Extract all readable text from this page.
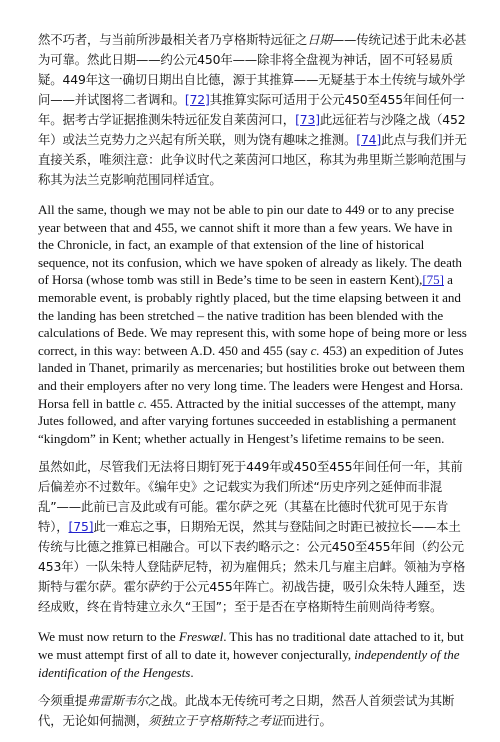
然不巧者，与当前所涉最相关者乃亨格斯特远征之日期——传统记述于此未必甚为可靠。然此日期——约公元450年——除非将全盘视为神话，固不可轻易质疑。449年这一确切日期出自比德，源于其推算——无疑基于本土传统与域外学问——并试图将二者调和。[72]其推算实际可适用于公元450至455年间任何一年。据考古学证据推测朱特远征发自莱茵河口，[73]此远征若与沙隆之战（452年）或法兰克势力之兴起有所关联，则为饶有趣味之推测。[74]此点与我们并无直接关系，唯须注意：此争议时代之莱茵河口地区，称其为弗里斯兰影响范围与称其为法兰克影响范围同样适宜。

All the same, though we may not be able to pin our date to 449 or to any precise year between that and 455, we cannot shift it more than a few years. We have in the Chronicle, in fact, an example of that extension of the line of historical sequence, not its confusion, which we have spoken of already as likely. The death of Horsa (whose tomb was still in Bede’s time to be seen in eastern Kent),[75] a memorable event, is probably rightly placed, but the time elapsing between it and the landing has been stretched – the native tradition has been blended with the calculations of Bede. We may represent this, with some hope of being more or less correct, in this way: between A.D. 450 and 455 (say c. 453) an expedition of Jutes landed in Thanet, primarily as mercenaries; but hostilities broke out between them and their employers after no very long time. The leaders were Hengest and Horsa. Horsa fell in battle c. 455. Attracted by the initial successes of the attempt, many Jutes followed, and after varying fortunes succeeded in establishing a permanent “kingdom” in Kent; whether actually in Hengest’s lifetime remains to be seen.

虽然如此，尽管我们无法将日期钉死于449年或450至455年间任何一年，其前后偏差亦不过数年。《编年史》之记载实为我们所述“历史序列之延伸而非混乱”——此前已言及此或有可能。霍尔萨之死（其墓在比德时代犹可见于东肯特），[75]此一难忘之事，日期殆无误，然其与登陆间之时距已被拉长——本土传统与比德之推算已相融合。可以下表约略示之：公元450至455年间（约公元453年）一队朱特人登陆萨尼特，初为雇佣兵；然未几与雇主启衅。领袖为亨格斯特与霍尔萨。霍尔萨约于公元455年阵亡。初战告捷，吸引众朱特人踵至，迭经成败，终在肯特建立永久“王国”；至于是否在亨格斯特生前则尚待考察。

We must now return to the Freswæl. This has no traditional date attached to it, but we must attempt first of all to date it, however conjecturally, independently of the identification of the Hengests.

今须重提弗雷斯韦尔之战。此战本无传统可考之日期，然吾人首须尝试为其断代，无论如何揣测，须独立于亨格斯特之考证而进行。
